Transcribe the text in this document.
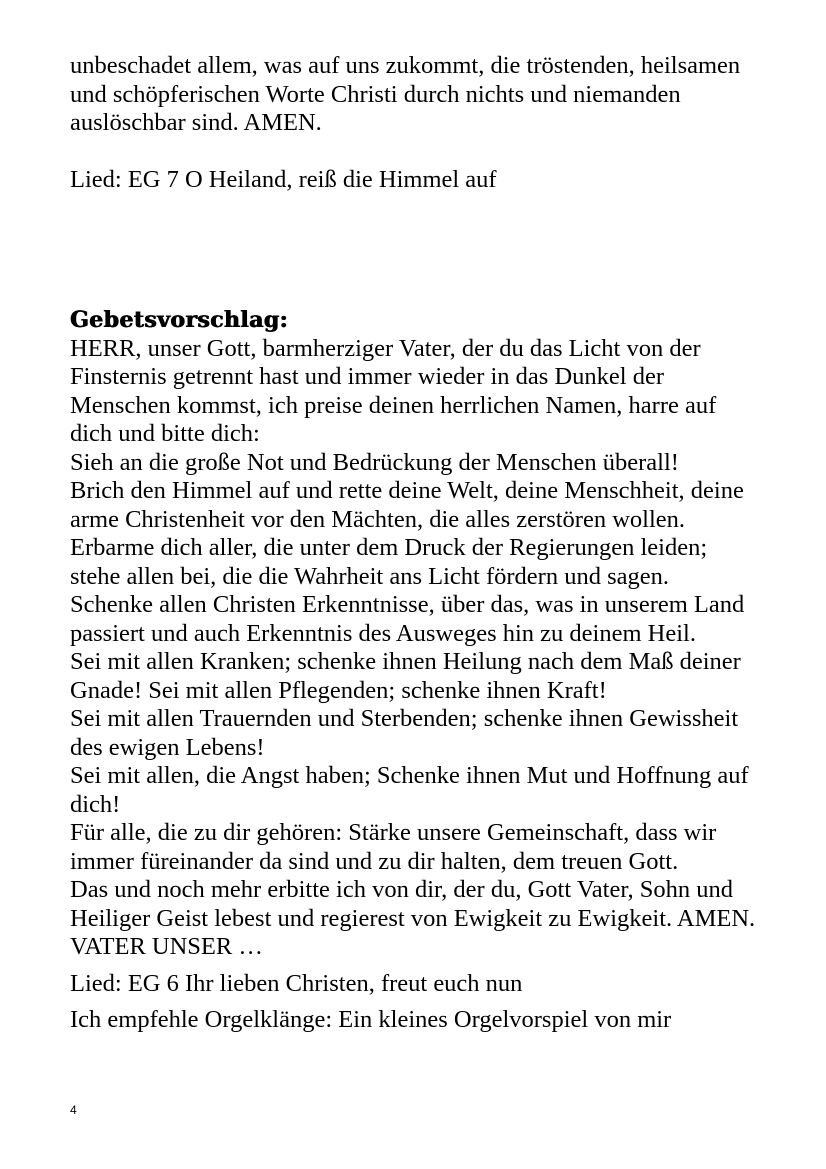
unbeschadet allem, was auf uns zukommt, die tröstenden, heilsamen
und schöpferischen Worte Christi durch nichts und niemanden
auslöschbar sind. AMEN.

Lied: EG 7 O Heiland, reiß die Himmel auf

Gebetsvorschlag:

HERR, unser Gott, barmherziger Vater, der du das Licht von der
Finsternis getrennt hast und immer wieder in das Dunkel der
Menschen kommst, ich preise deinen herrlichen Namen, harre auf
dich und bitte dich:
Sieh an die große Not und Bedrückung der Menschen überall!
Brich den Himmel auf und rette deine Welt, deine Menschheit, deine
arme Christenheit vor den Mächten, die alles zerstören wollen.
Erbarme dich aller, die unter dem Druck der Regierungen leiden;
stehe allen bei, die die Wahrheit ans Licht fördern und sagen.
Schenke allen Christen Erkenntnisse, über das, was in unserem Land
passiert und auch Erkenntnis des Ausweges hin zu deinem Heil.
Sei mit allen Kranken; schenke ihnen Heilung nach dem Maß deiner
Gnade! Sei mit allen Pflegenden; schenke ihnen Kraft!
Sei mit allen Trauernden und Sterbenden; schenke ihnen Gewissheit
des ewigen Lebens!
Sei mit allen, die Angst haben; Schenke ihnen Mut und Hoffnung auf
dich!
Für alle, die zu dir gehören: Stärke unsere Gemeinschaft, dass wir
immer füreinander da sind und zu dir halten, dem treuen Gott.
Das und noch mehr erbitte ich von dir, der du, Gott Vater, Sohn und
Heiliger Geist lebest und regierest von Ewigkeit zu Ewigkeit. AMEN.
VATER UNSER …

Lied: EG 6 Ihr lieben Christen, freut euch nun

Ich empfehle Orgelklänge: Ein kleines Orgelvorspiel von mir

4
